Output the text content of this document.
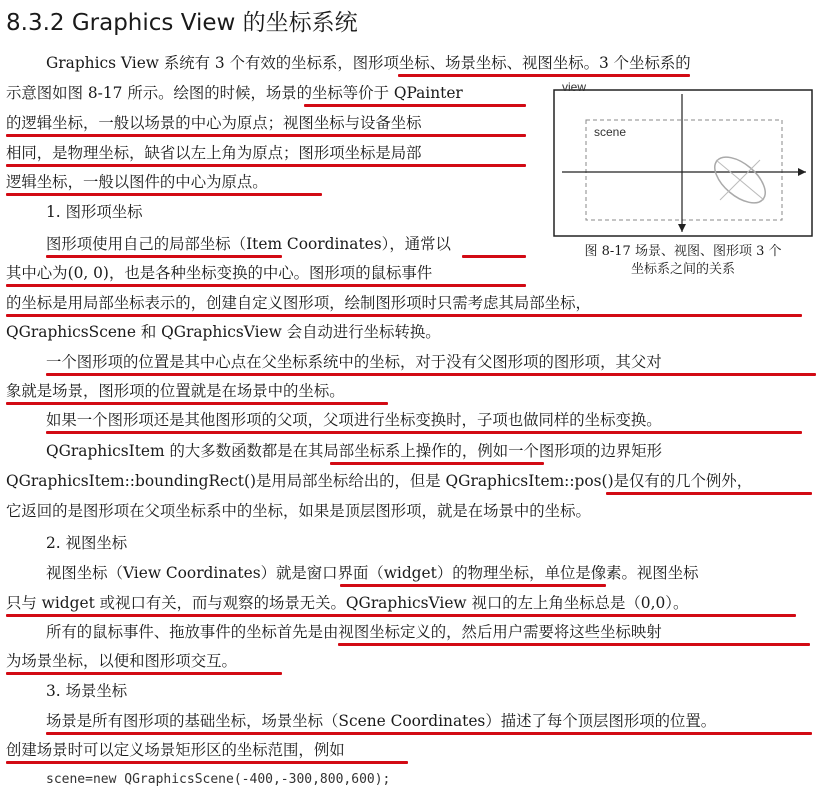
8.3.2 Graphics View 的坐标系统
Graphics View 系统有 3 个有效的坐标系，图形项坐标、场景坐标、视图坐标。3 个坐标系的
示意图如图 8-17 所示。绘图的时候，场景的坐标等价于 QPainter
的逻辑坐标，一般以场景的中心为原点；视图坐标与设备坐标
相同，是物理坐标，缺省以左上角为原点；图形项坐标是局部
逻辑坐标，一般以图件的中心为原点。
1. 图形项坐标
图形项使用自己的局部坐标（Item Coordinates），通常以
其中心为(0, 0)，也是各种坐标变换的中心。图形项的鼠标事件
的坐标是用局部坐标表示的，创建自定义图形项，绘制图形项时只需考虑其局部坐标，
QGraphicsScene 和 QGraphicsView 会自动进行坐标转换。
一个图形项的位置是其中心点在父坐标系统中的坐标，对于没有父图形项的图形项，其父对
象就是场景，图形项的位置就是在场景中的坐标。
如果一个图形项还是其他图形项的父项，父项进行坐标变换时，子项也做同样的坐标变换。
QGraphicsItem 的大多数函数都是在其局部坐标系上操作的，例如一个图形项的边界矩形
QGraphicsItem::boundingRect()是用局部坐标给出的，但是 QGraphicsItem::pos()是仅有的几个例外，
它返回的是图形项在父项坐标系中的坐标，如果是顶层图形项，就是在场景中的坐标。
2. 视图坐标
视图坐标（View Coordinates）就是窗口界面（widget）的物理坐标，单位是像素。视图坐标
只与 widget 或视口有关，而与观察的场景无关。QGraphicsView 视口的左上角坐标总是（0,0）。
所有的鼠标事件、拖放事件的坐标首先是由视图坐标定义的，然后用户需要将这些坐标映射
为场景坐标，以便和图形项交互。
3. 场景坐标
场景是所有图形项的基础坐标，场景坐标（Scene Coordinates）描述了每个顶层图形项的位置。
创建场景时可以定义场景矩形区的坐标范围，例如
scene=new QGraphicsScene(-400,-300,800,600);
view
scene
图 8-17 场景、视图、图形项 3 个
坐标系之间的关系
